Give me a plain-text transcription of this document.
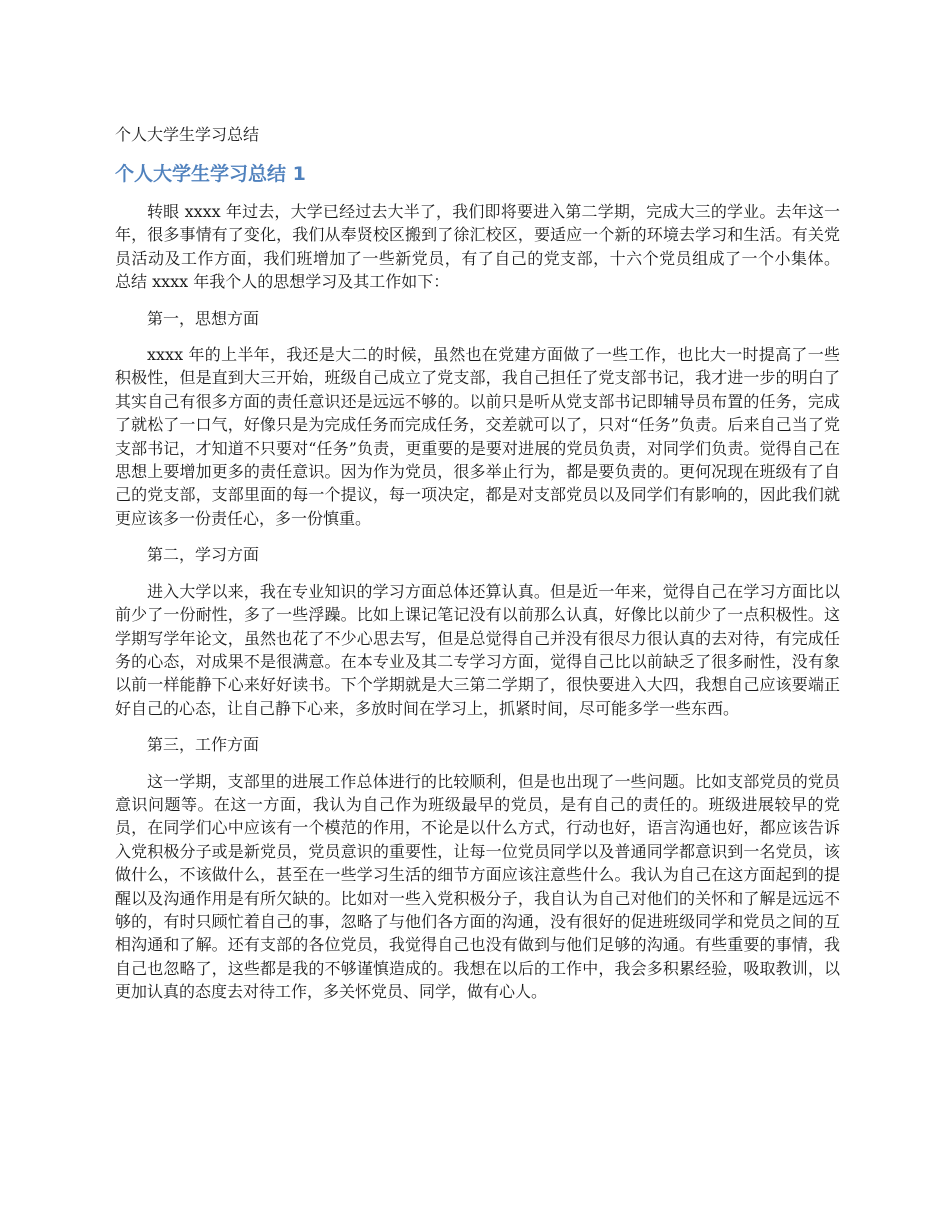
个人大学生学习总结
个人大学生学习总结 1

转眼 xxxx 年过去，大学已经过去大半了，我们即将要进入第二学期，完成大三的学业。去年这一年，很多事情有了变化，我们从奉贤校区搬到了徐汇校区，要适应一个新的环境去学习和生活。有关党员活动及工作方面，我们班增加了一些新党员，有了自己的党支部，十六个党员组成了一个小集体。 总结 xxxx 年我个人的思想学习及其工作如下：

第一，思想方面

xxxx 年的上半年，我还是大二的时候，虽然也在党建方面做了一些工作，也比大一时提高了一些积极性，但是直到大三开始，班级自己成立了党支部，我自己担任了党支部书记，我才进一步的明白了其实自己有很多方面的责任意识还是远远不够的。以前只是听从党支部书记即辅导员布置的任务，完成了就松了一口气，好像只是为完成任务而完成任务，交差就可以了，只对“任务”负责。后来自己当了党支部书记，才知道不只要对“任务”负责，更重要的是要对进展的党员负责，对同学们负责。觉得自己在思想上要增加更多的责任意识。因为作为党员，很多举止行为，都是要负责的。更何况现在班级有了自己的党支部，支部里面的每一个提议，每一项决定，都是对支部党员以及同学们有影响的，因此我们就更应该多一份责任心，多一份慎重。

第二，学习方面

进入大学以来，我在专业知识的学习方面总体还算认真。但是近一年来，觉得自己在学习方面比以前少了一份耐性，多了一些浮躁。比如上课记笔记没有以前那么认真，好像比以前少了一点积极性。这学期写学年论文，虽然也花了不少心思去写，但是总觉得自己并没有很尽力很认真的去对待，有完成任务的心态，对成果不是很满意。在本专业及其二专学习方面，觉得自己比以前缺乏了很多耐性，没有象以前一样能静下心来好好读书。下个学期就是大三第二学期了，很快要进入大四，我想自己应该要端正好自己的心态，让自己静下心来，多放时间在学习上，抓紧时间，尽可能多学一些东西。

第三，工作方面

这一学期，支部里的进展工作总体进行的比较顺利，但是也出现了一些问题。比如支部党员的党员意识问题等。在这一方面，我认为自己作为班级最早的党员，是有自己的责任的。班级进展较早的党员，在同学们心中应该有一个模范的作用，不论是以什么方式，行动也好，语言沟通也好，都应该告诉入党积极分子或是新党员，党员意识的重要性，让每一位党员同学以及普通同学都意识到一名党员，该做什么，不该做什么，甚至在一些学习生活的细节方面应该注意些什么。我认为自己在这方面起到的提醒以及沟通作用是有所欠缺的。比如对一些入党积极分子，我自认为自己对他们的关怀和了解是远远不够的，有时只顾忙着自己的事，忽略了与他们各方面的沟通，没有很好的促进班级同学和党员之间的互相沟通和了解。还有支部的各位党员，我觉得自己也没有做到与他们足够的沟通。有些重要的事情，我自己也忽略了，这些都是我的不够谨慎造成的。我想在以后的工作中，我会多积累经验，吸取教训，以更加认真的态度去对待工作，多关怀党员、同学，做有心人。
